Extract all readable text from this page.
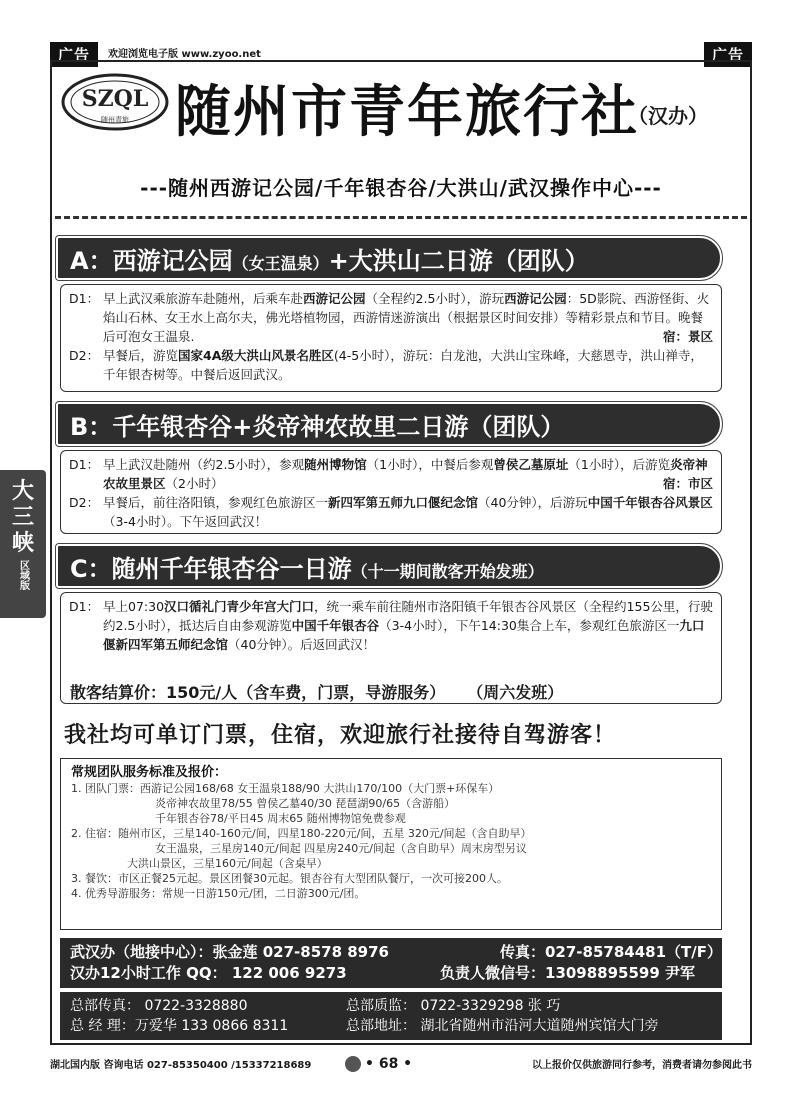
广告	欢迎浏览电子版 www.zyoo.net	广告
SZQL
随州青旅 随州市青年旅行社
（汉办）
---随州西游记公园/千年银杏谷/大洪山/武汉操作中心---
A：西游记公园（女王温泉）+大洪山二日游（团队）
D1： 早上武汉乘旅游车赴随州，后乘车赴西游记公园（全程约2.5小时），游玩西游记公园：5D影院、西游怪街、火焰山石林、女王水上高尔夫，佛光塔植物园，西游情迷游演出（根据景区时间安排）等精彩景点和节目。晚餐后可泡女王温泉.	宿：景区
D2： 早餐后，游览国家4A级大洪山风景名胜区(4-5小时），游玩：白龙池，大洪山宝珠峰，大慈恩寺，洪山禅寺，千年银杏树等。中餐后返回武汉。
B：千年银杏谷+炎帝神农故里二日游（团队）
D1： 早上武汉赴随州（约2.5小时），参观随州博物馆（1小时），中餐后参观曾侯乙墓原址（1小时），后游览炎帝神农故里景区（2小时）	宿：市区
D2： 早餐后，前往洛阳镇，参观红色旅游区一新四军第五师九口偃纪念馆（40分钟），后游玩中国千年银杏谷风景区（3-4小时）。下午返回武汉！
C：随州千年银杏谷一日游（十一期间散客开始发班）
D1： 早上07:30汉口循礼门青少年宫大门口，统一乘车前往随州市洛阳镇千年银杏谷风景区（全程约155公里，行驶约2.5小时），抵达后自由参观游览中国千年银杏谷（3-4小时），下午14:30集合上车，参观红色旅游区一九口偃新四军第五师纪念馆（40分钟）。后返回武汉！
散客结算价：150元/人（含车费，门票，导游服务） （周六发班）
我社均可单订门票，住宿，欢迎旅行社接待自驾游客！
常规团队服务标准及报价：
1. 团队门票：西游记公园168/68 女王温泉188/90 大洪山170/100（大门票+环保车）
炎帝神农故里78/55 曾侯乙墓40/30 琵琶湖90/65（含游船）
千年银杏谷78/平日45 周末65 随州博物馆免费参观
2. 住宿：随州市区，三星140-160元/间，四星180-220元/间，五星 320元/间起（含自助早）
女王温泉，三星房140元/间起 四星房240元/间起（含自助早）周末房型另议
大洪山景区，三星160元/间起（含桌早）
3. 餐饮：市区正餐25元起。景区团餐30元起。银杏谷有大型团队餐厅，一次可接200人。
4. 优秀导游服务：常规一日游150元/团，二日游300元/团。
武汉办（地接中心）：张金莲 027-8578 8976	传真：027-85784481（T/F）
汉办12小时工作 QQ： 122 006 9273	负责人微信号：13098895599 尹军
总部传真： 0722-3328880	总部质监： 0722-3329298 张 巧
总 经 理：万爱华 133 0866 8311	总部地址： 湖北省随州市沿河大道随州宾馆大门旁
大
三
峡
区域版
湖北国内版 咨询电话 027-85350400 /15337218689	• 68 •	以上报价仅供旅游同行参考，消费者请勿参阅此书
